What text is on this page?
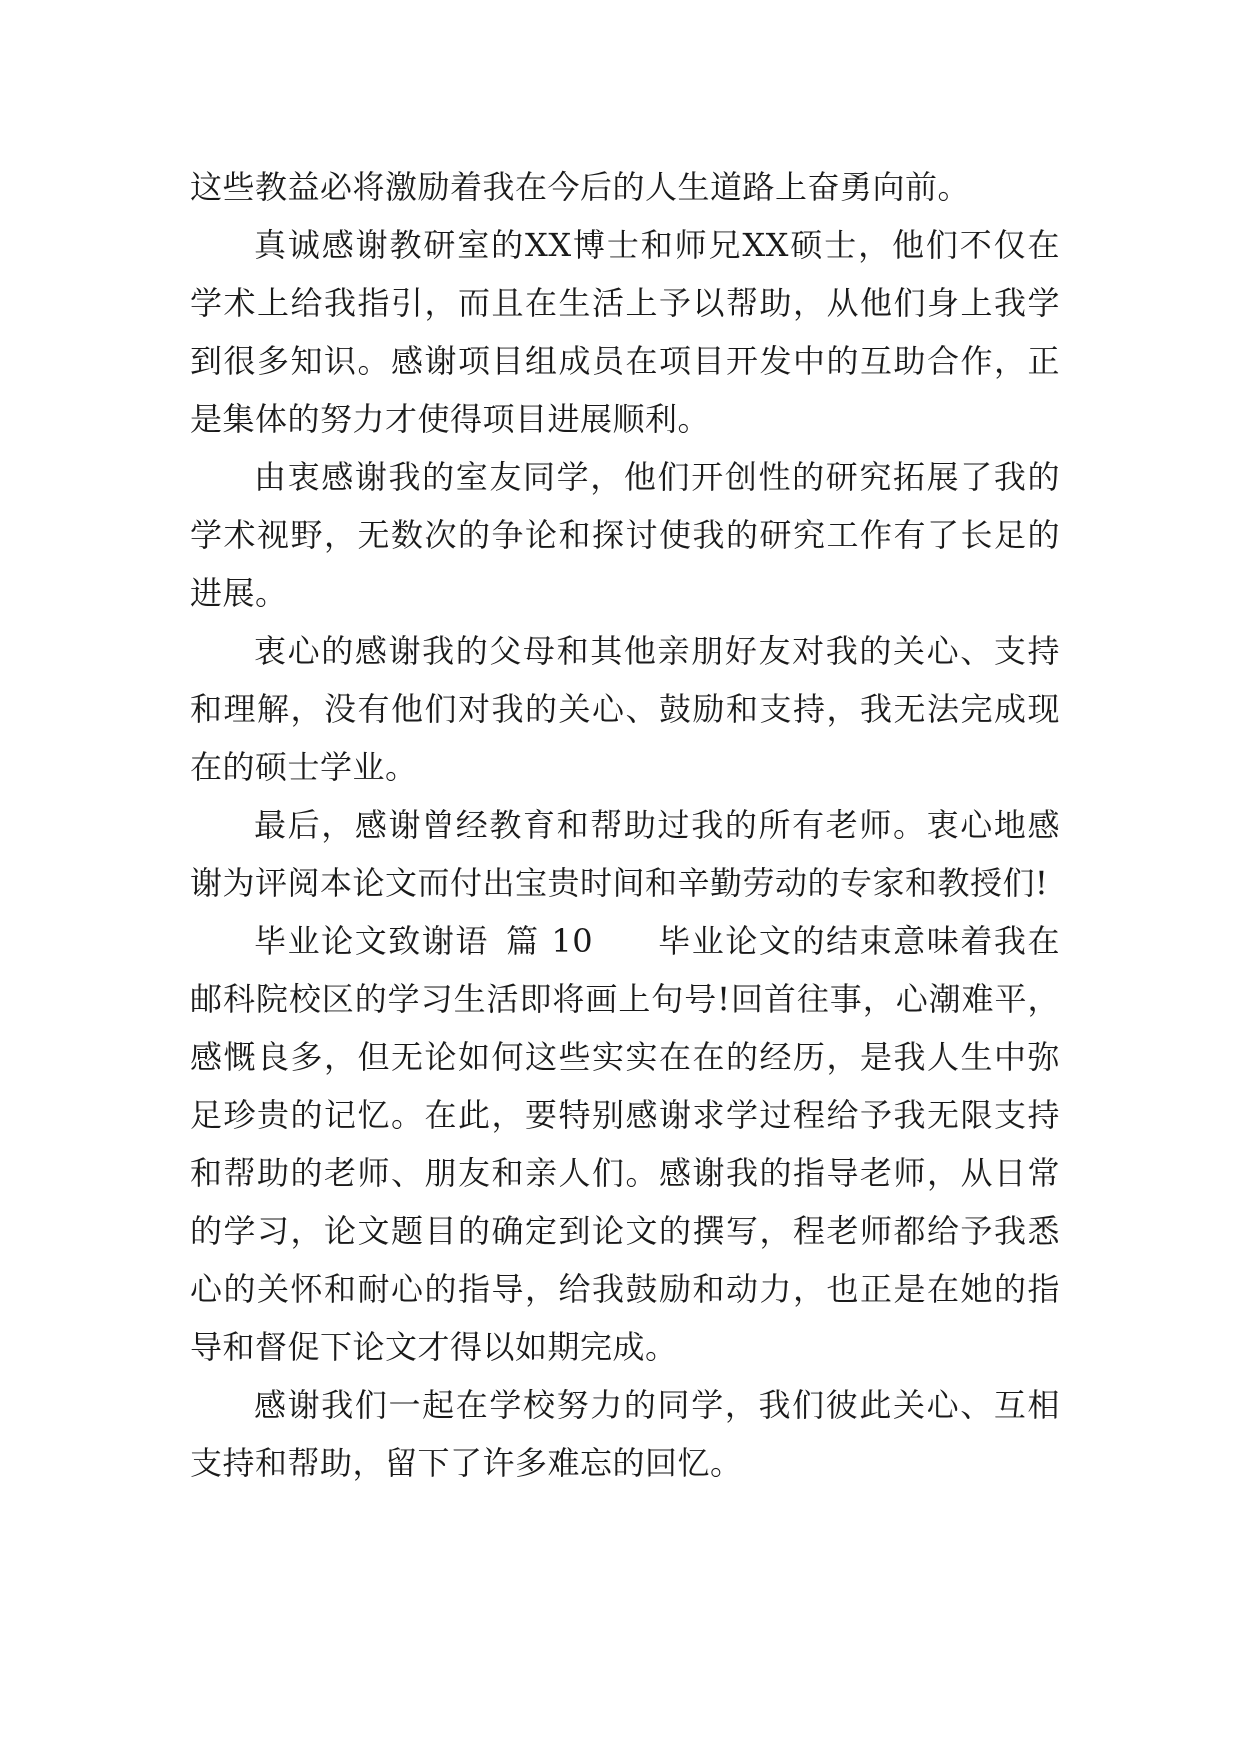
这些教益必将激励着我在今后的人生道路上奋勇向前。

真诚感谢教研室的XX博士和师兄XX硕士，他们不仅在学术上给我指引，而且在生活上予以帮助，从他们身上我学到很多知识。感谢项目组成员在项目开发中的互助合作，正是集体的努力才使得项目进展顺利。

由衷感谢我的室友同学，他们开创性的研究拓展了我的学术视野，无数次的争论和探讨使我的研究工作有了长足的进展。

衷心的感谢我的父母和其他亲朋好友对我的关心、支持和理解，没有他们对我的关心、鼓励和支持，我无法完成现在的硕士学业。

最后，感谢曾经教育和帮助过我的所有老师。衷心地感谢为评阅本论文而付出宝贵时间和辛勤劳动的专家和教授们!

毕业论文致谢语 篇 10 毕业论文的结束意味着我在邮科院校区的学习生活即将画上句号!回首往事，心潮难平，感慨良多，但无论如何这些实实在在的经历，是我人生中弥足珍贵的记忆。在此，要特别感谢求学过程给予我无限支持和帮助的老师、朋友和亲人们。感谢我的指导老师，从日常的学习，论文题目的确定到论文的撰写，程老师都给予我悉心的关怀和耐心的指导，给我鼓励和动力，也正是在她的指导和督促下论文才得以如期完成。

感谢我们一起在学校努力的同学，我们彼此关心、互相支持和帮助，留下了许多难忘的回忆。
